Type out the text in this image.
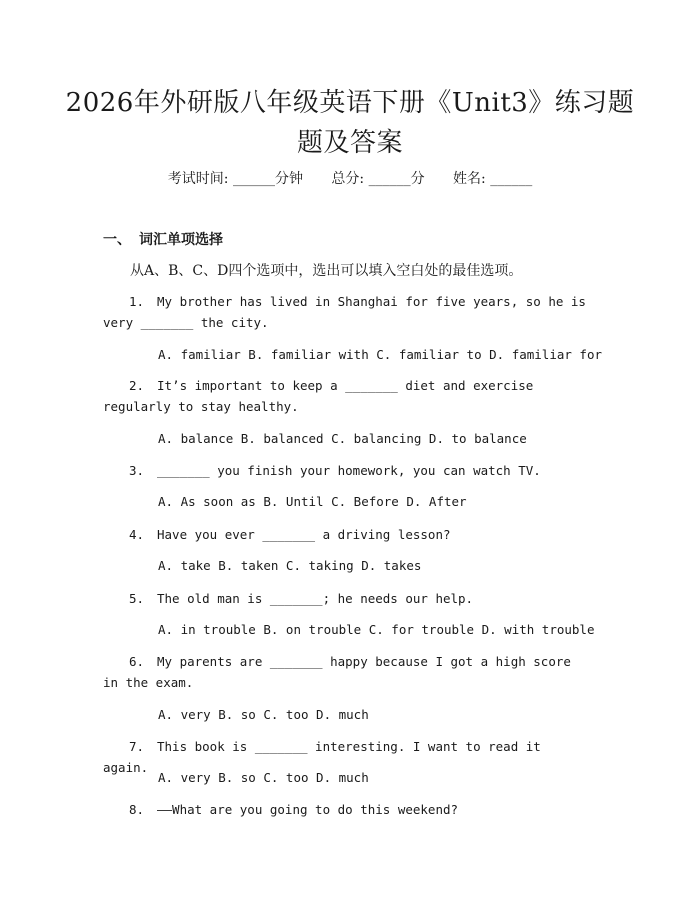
2026年外研版八年级英语下册《Unit3》练习题题及答案
考试时间: ______分钟 总分: ______分 姓名: ______
一、 词汇单项选择
从A、B、C、D四个选项中，选出可以填入空白处的最佳选项。
1. My brother has lived in Shanghai for five years, so he is very _______ the city.
A. familiar B. familiar with C. familiar to D. familiar for
2. It’s important to keep a _______ diet and exercise regularly to stay healthy.
A. balance B. balanced C. balancing D. to balance
3. _______ you finish your homework, you can watch TV.
A. As soon as B. Until C. Before D. After
4. Have you ever _______ a driving lesson?
A. take B. taken C. taking D. takes
5. The old man is _______; he needs our help.
A. in trouble B. on trouble C. for trouble D. with trouble
6. My parents are _______ happy because I got a high score in the exam.
A. very B. so C. too D. much
7. This book is _______ interesting. I want to read it again.
A. very B. so C. too D. much
8. ——What are you going to do this weekend?
